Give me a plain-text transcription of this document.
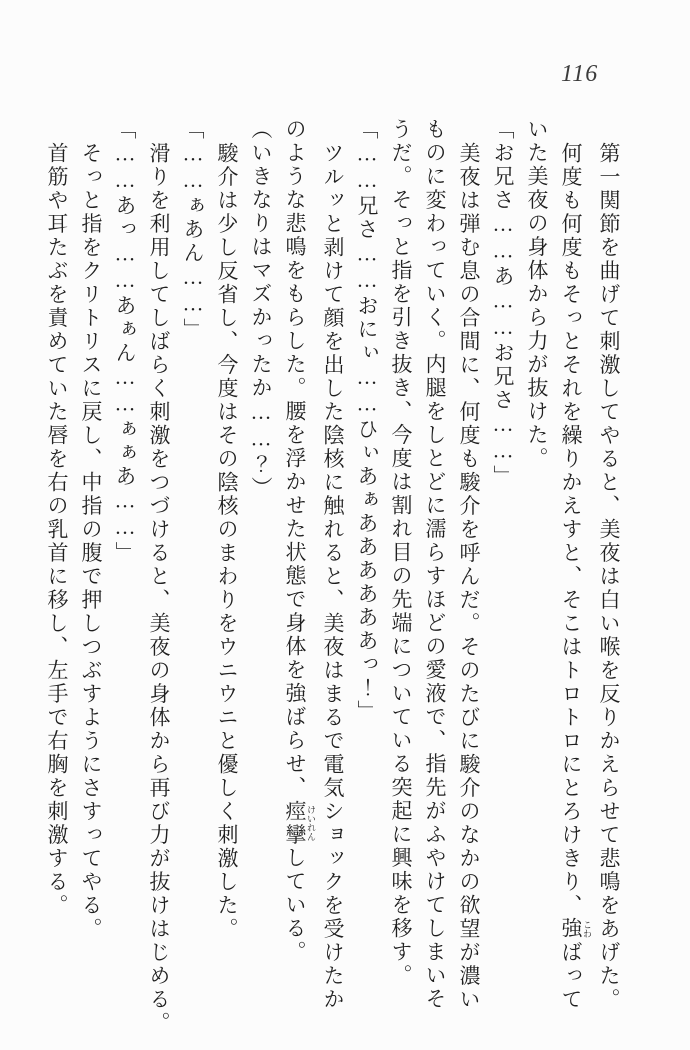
116
第一関節を曲げて刺激してやると、美夜は白い喉を反りかえらせて悲鳴をあげた。
何度も何度もそっとそれを繰りかえすと、そこはトロトロにとろけきり、強 こわばって
いた美夜の身体から力が抜けた。
「お兄さ……あ……お兄さ……」
美夜は弾む息の合間に、何度も駿介を呼んだ。そのたびに駿介のなかの欲望が濃い
ものに変わっていく。内腿をしとどに濡らすほどの愛液で、指先がふやけてしまいそ
うだ。そっと指を引き抜き、今度は割れ目の先端についている突起に興味を移す。
「……兄さ……おにぃ……ひぃあぁああああああっ！」
ツルッと剥けて顔を出した陰核に触れると、美夜はまるで電気ショックを受けたか
のような悲鳴をもらした。腰を浮かせた状態で身体を強ばらせ、痙攣 けいれんしている。
（いきなりはマズかったか……？）
駿介は少し反省し、今度はその陰核のまわりをウニウニと優しく刺激した。
「……ぁあん……」
滑りを利用してしばらく刺激をつづけると、美夜の身体から再び力が抜けはじめる。
「……あっ……あぁん……ぁぁあ……」
そっと指をクリトリスに戻し、中指の腹で押しつぶすようにさすってやる。
首筋や耳たぶを責めていた唇を右の乳首に移し、左手で右胸を刺激する。
